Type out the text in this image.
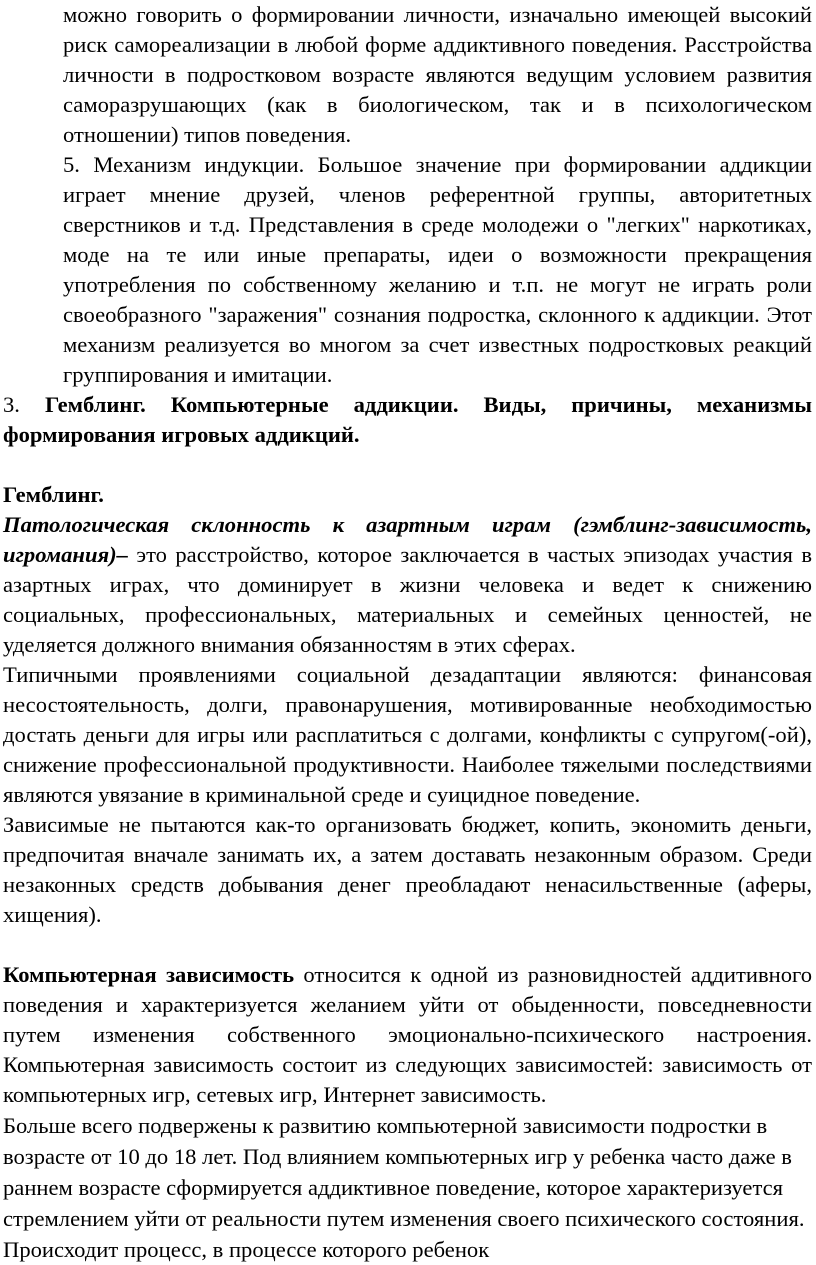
можно говорить о формировании личности, изначально имеющей высокий риск самореализации в любой форме аддиктивного поведения. Расстройства личности в подростковом возрасте являются ведущим условием развития саморазрушающих (как в биологическом, так и в психологическом отношении) типов поведения.

5. Механизм индукции. Большое значение при формировании аддикции играет мнение друзей, членов референтной группы, авторитетных сверстников и т.д. Представления в среде молодежи о "легких" наркотиках, моде на те или иные препараты, идеи о возможности прекращения употребления по собственному желанию и т.п. не могут не играть роли своеобразного "заражения" сознания подростка, склонного к аддикции. Этот механизм реализуется во многом за счет известных подростковых реакций группирования и имитации.

3. Гемблинг. Компьютерные аддикции. Виды, причины, механизмы формирования игровых аддикций.

Гемблинг.

Патологическая склонность к азартным играм (гэмблинг-зависимость, игромания)– это расстройство, которое заключается в частых эпизодах участия в азартных играх, что доминирует в жизни человека и ведет к снижению социальных, профессиональных, материальных и семейных ценностей, не уделяется должного внимания обязанностям в этих сферах.

Типичными проявлениями социальной дезадаптации являются: финансовая несостоятельность, долги, правонарушения, мотивированные необходимостью достать деньги для игры или расплатиться с долгами, конфликты с супругом(-ой), снижение профессиональной продуктивности. Наиболее тяжелыми последствиями являются увязание в криминальной среде и суицидное поведение.

Зависимые не пытаются как-то организовать бюджет, копить, экономить деньги, предпочитая вначале занимать их, а затем доставать незаконным образом. Среди незаконных средств добывания денег преобладают ненасильственные (аферы, хищения).

Компьютерная зависимость относится к одной из разновидностей аддитивного поведения и характеризуется желанием уйти от обыденности, повседневности путем изменения собственного эмоционально-психического настроения. Компьютерная зависимость состоит из следующих зависимостей: зависимость от компьютерных игр, сетевых игр, Интернет зависимость.

Больше всего подвержены к развитию компьютерной зависимости подростки в возрасте от 10 до 18 лет. Под влиянием компьютерных игр у ребенка часто даже в раннем возрасте сформируется аддиктивное поведение, которое характеризуется стремлением уйти от реальности путем изменения своего психического состояния. Происходит процесс, в процессе которого ребенок
